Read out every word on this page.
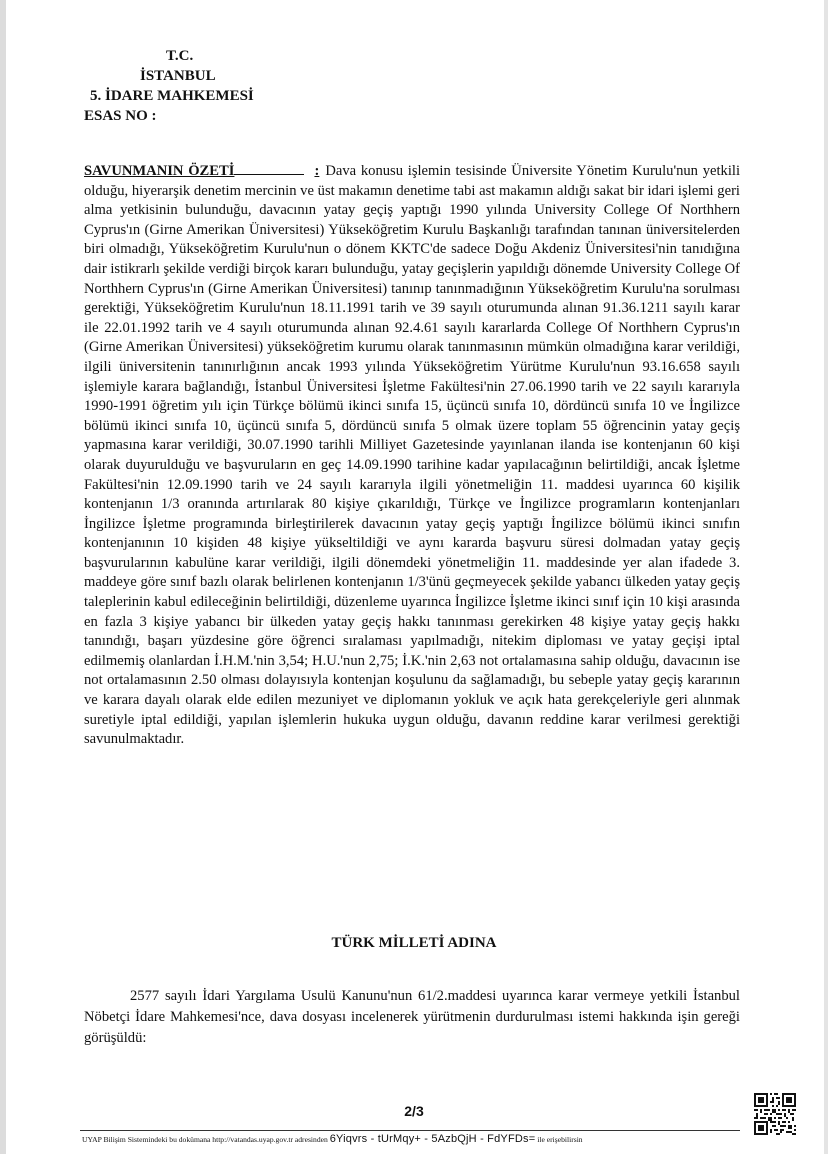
T.C.
İSTANBUL
5. İDARE MAHKEMESİ
ESAS NO :
SAVUNMANIN ÖZETİ	: Dava konusu işlemin tesisinde Üniversite Yönetim Kurulu'nun yetkili olduğu, hiyerarşik denetim mercinin ve üst makamın denetime tabi ast makamın aldığı sakat bir idari işlemi geri alma yetkisinin bulunduğu, davacının yatay geçiş yaptığı 1990 yılında University College Of Northhern Cyprus'ın (Girne Amerikan Üniversitesi) Yükseköğretim Kurulu Başkanlığı tarafından tanınan üniversitelerden biri olmadığı, Yükseköğretim Kurulu'nun o dönem KKTC'de sadece Doğu Akdeniz Üniversitesi'nin tanıdığına dair istikrarlı şekilde verdiği birçok kararı bulunduğu, yatay geçişlerin yapıldığı dönemde University College Of Northhern Cyprus'ın (Girne Amerikan Üniversitesi) tanınıp tanınmadığının Yükseköğretim Kurulu'na sorulması gerektiği, Yükseköğretim Kurulu'nun 18.11.1991 tarih ve 39 sayılı oturumunda alınan 91.36.1211 sayılı karar ile 22.01.1992 tarih ve 4 sayılı oturumunda alınan 92.4.61 sayılı kararlarda College Of Northhern Cyprus'ın (Girne Amerikan Üniversitesi) yükseköğretim kurumu olarak tanınmasının mümkün olmadığına karar verildiği, ilgili üniversitenin tanınırlığının ancak 1993 yılında Yükseköğretim Yürütme Kurulu'nun 93.16.658 sayılı işlemiyle karara bağlandığı, İstanbul Üniversitesi İşletme Fakültesi'nin 27.06.1990 tarih ve 22 sayılı kararıyla 1990-1991 öğretim yılı için Türkçe bölümü ikinci sınıfa 15, üçüncü sınıfa 10, dördüncü sınıfa 10 ve İngilizce bölümü ikinci sınıfa 10, üçüncü sınıfa 5, dördüncü sınıfa 5 olmak üzere toplam 55 öğrencinin yatay geçiş yapmasına karar verildiği, 30.07.1990 tarihli Milliyet Gazetesinde yayınlanan ilanda ise kontenjanın 60 kişi olarak duyurulduğu ve başvuruların en geç 14.09.1990 tarihine kadar yapılacağının belirtildiği, ancak İşletme Fakültesi'nin 12.09.1990 tarih ve 24 sayılı kararıyla ilgili yönetmeliğin 11. maddesi uyarınca 60 kişilik kontenjanın 1/3 oranında artırılarak 80 kişiye çıkarıldığı, Türkçe ve İngilizce programların kontenjanları İngilizce İşletme programında birleştirilerek davacının yatay geçiş yaptığı İngilizce bölümü ikinci sınıfın kontenjanının 10 kişiden 48 kişiye yükseltildiği ve aynı kararda başvuru süresi dolmadan yatay geçiş başvurularının kabulüne karar verildiği, ilgili dönemdeki yönetmeliğin 11. maddesinde yer alan ifadede 3. maddeye göre sınıf bazlı olarak belirlenen kontenjanın 1/3'ünü geçmeyecek şekilde yabancı ülkeden yatay geçiş taleplerinin kabul edileceğinin belirtildiği, düzenleme uyarınca İngilizce İşletme ikinci sınıf için 10 kişi arasında en fazla 3 kişiye yabancı bir ülkeden yatay geçiş hakkı tanınması gerekirken 48 kişiye yatay geçiş hakkı tanındığı, başarı yüzdesine göre öğrenci sıralaması yapılmadığı, nitekim diploması ve yatay geçişi iptal edilmemiş olanlardan İ.H.M.'nin 3,54; H.U.'nun 2,75; İ.K.'nin 2,63 not ortalamasına sahip olduğu, davacının ise not ortalamasının 2.50 olması dolayısıyla kontenjan koşulunu da sağlamadığı, bu sebeple yatay geçiş kararının ve karara dayalı olarak elde edilen mezuniyet ve diplomanın yokluk ve açık hata gerekçeleriyle geri alınmak suretiyle iptal edildiği, yapılan işlemlerin hukuka uygun olduğu, davanın reddine karar verilmesi gerektiği savunulmaktadır.
TÜRK MİLLETİ ADINA
2577 sayılı İdari Yargılama Usulü Kanunu'nun 61/2.maddesi uyarınca karar vermeye yetkili İstanbul Nöbetçi İdare Mahkemesi'nce, dava dosyası incelenerek yürütmenin durdurulması istemi hakkında işin gereği görüşüldü:
2/3
UYAP Bilişim Sistemindeki bu dokümana http://vatandas.uyap.gov.tr adresinden 6Yiqvrs - tUrMqy+ - 5AzbQjH - FdYFDs= ile erişebilirsin
